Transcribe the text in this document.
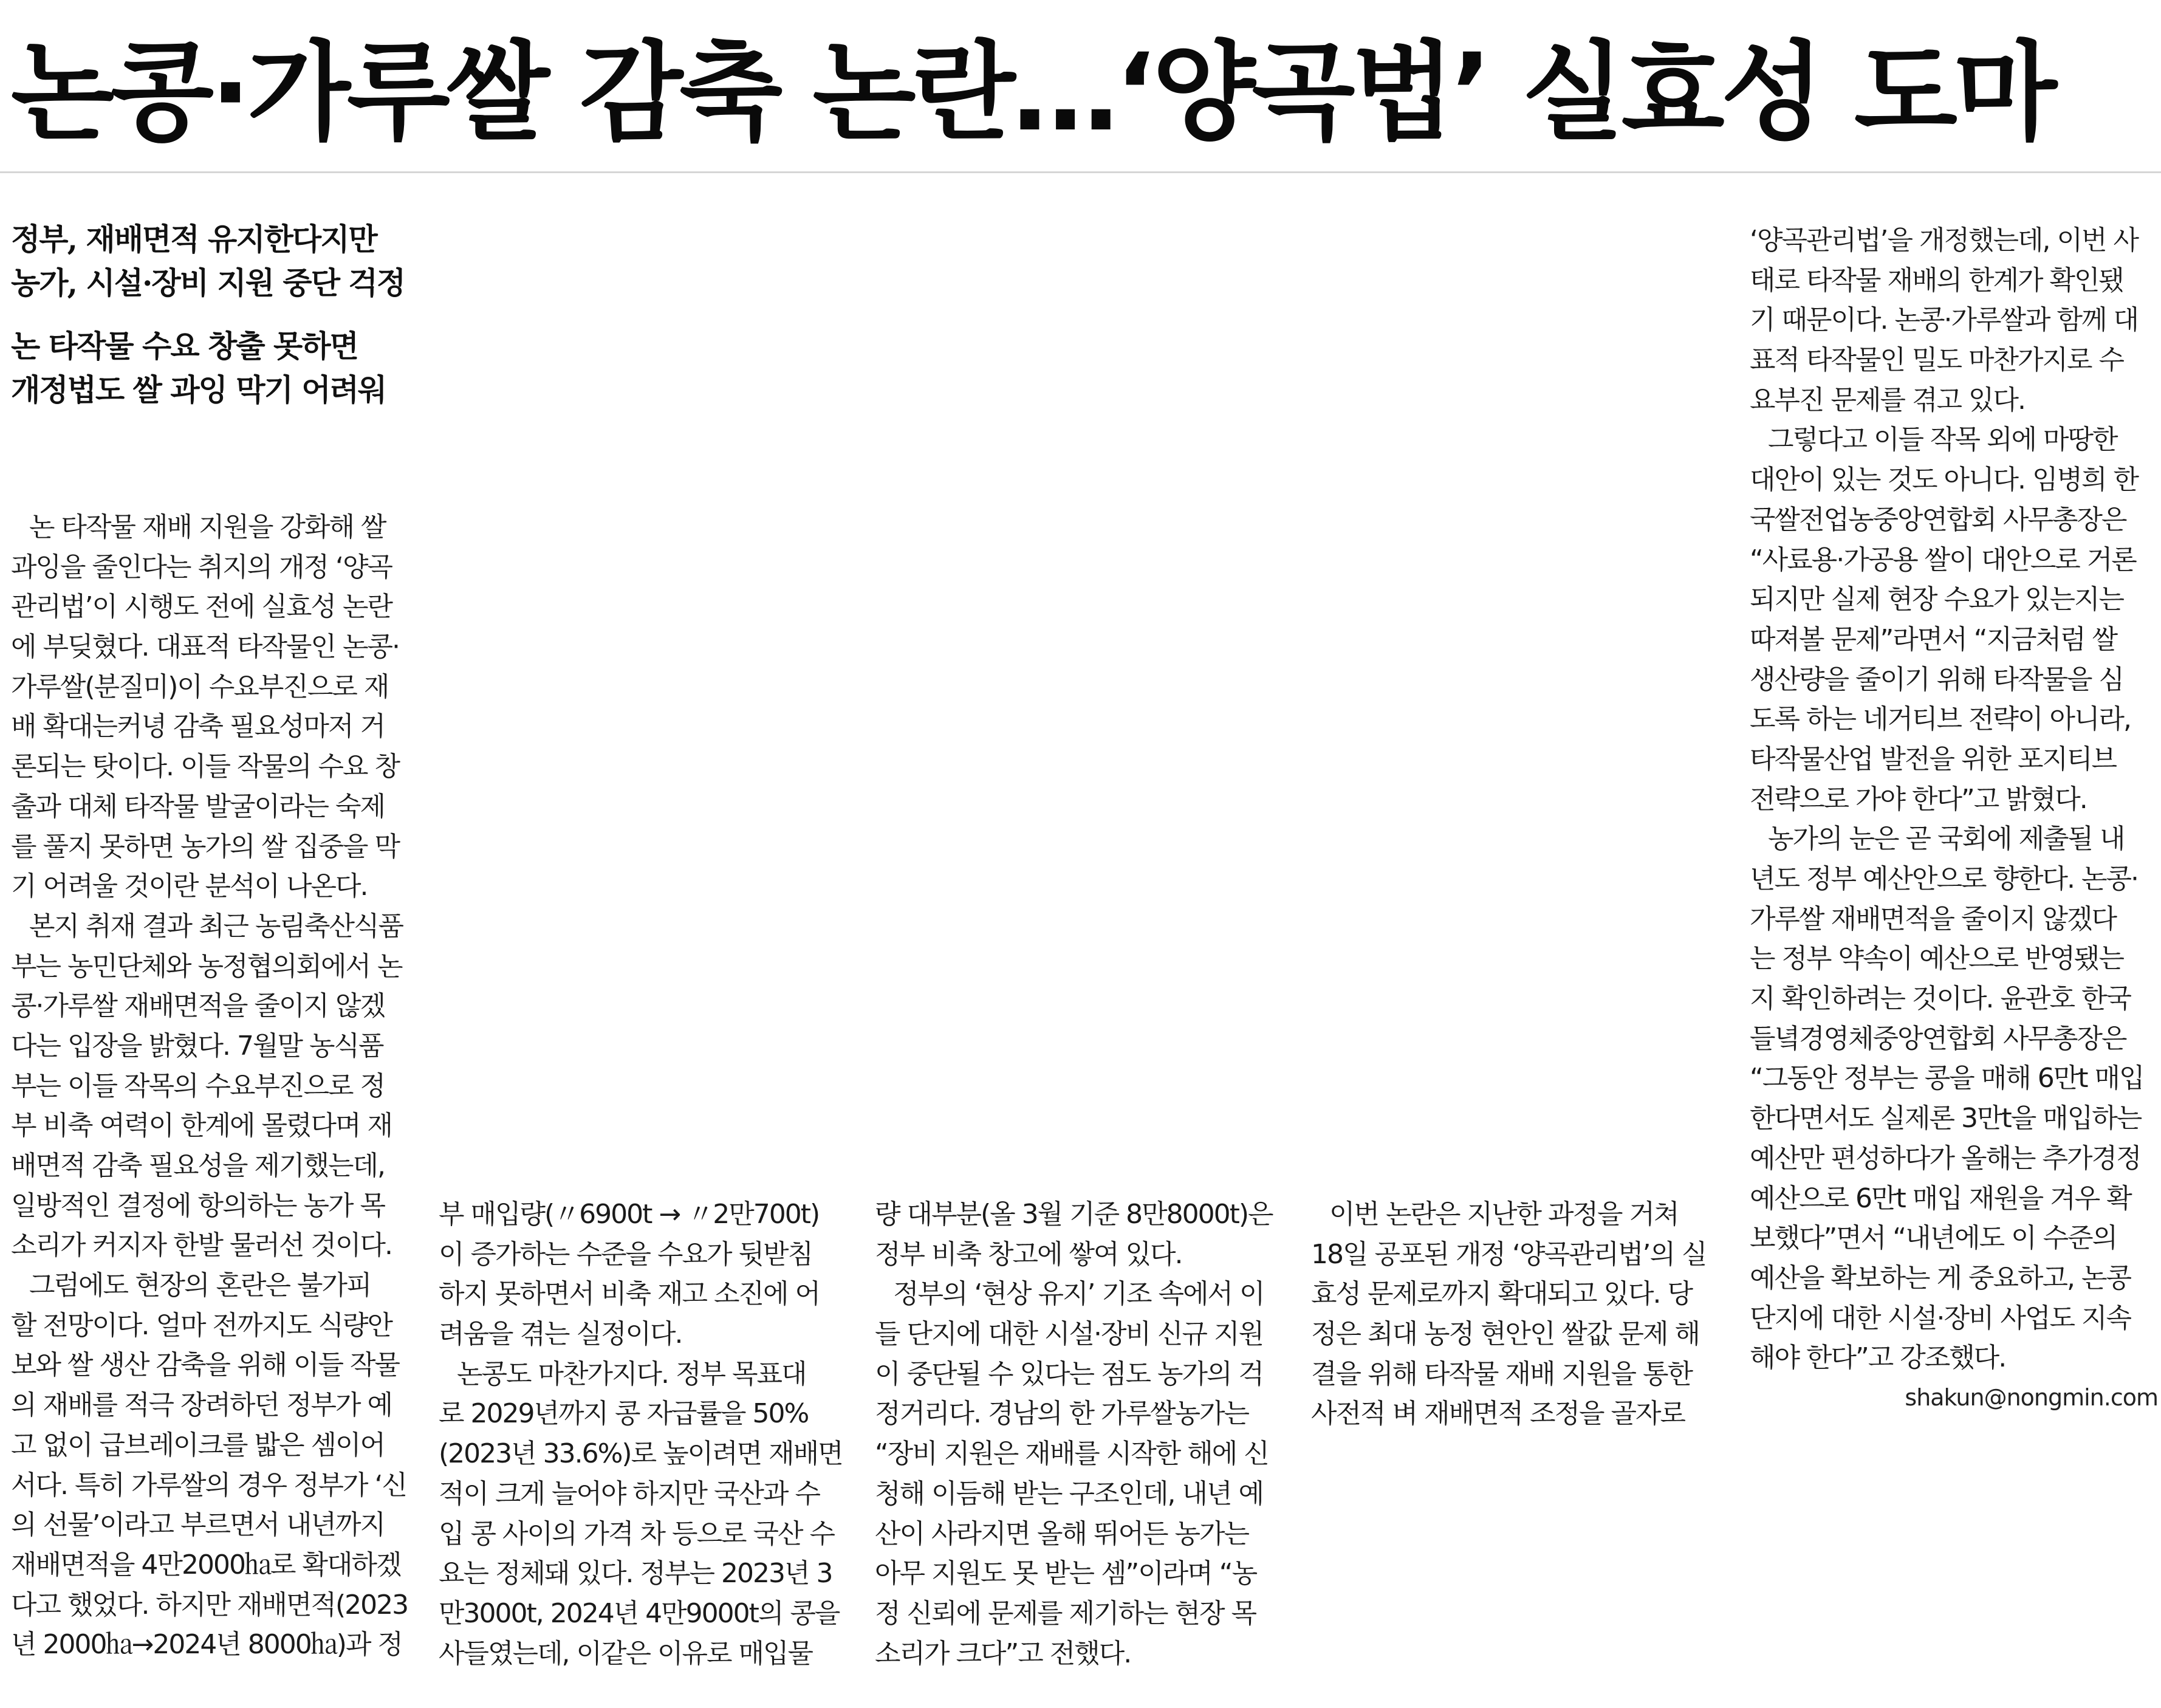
논콩·가루쌀 감축 논란…‘양곡법’ 실효성 도마
정부, 재배면적 유지한다지만
농가, 시설·장비 지원 중단 걱정
논 타작물 수요 창출 못하면
개정법도 쌀 과잉 막기 어려워

논 타작물 재배 지원을 강화해 쌀
과잉을 줄인다는 취지의 개정 ‘양곡
관리법’이 시행도 전에 실효성 논란
에 부딪혔다. 대표적 타작물인 논콩·
가루쌀(분질미)이 수요부진으로 재
배 확대는커녕 감축 필요성마저 거
론되는 탓이다. 이들 작물의 수요 창
출과 대체 타작물 발굴이라는 숙제
를 풀지 못하면 농가의 쌀 집중을 막
기 어려울 것이란 분석이 나온다.

본지 취재 결과 최근 농림축산식품
부는 농민단체와 농정협의회에서 논
콩·가루쌀 재배면적을 줄이지 않겠
다는 입장을 밝혔다. 7월말 농식품
부는 이들 작목의 수요부진으로 정
부 비축 여력이 한계에 몰렸다며 재
배면적 감축 필요성을 제기했는데,
일방적인 결정에 항의하는 농가 목
소리가 커지자 한발 물러선 것이다.

그럼에도 현장의 혼란은 불가피
할 전망이다. 얼마 전까지도 식량안
보와 쌀 생산 감축을 위해 이들 작물
의 재배를 적극 장려하던 정부가 예
고 없이 급브레이크를 밟은 셈이어
서다. 특히 가루쌀의 경우 정부가 ‘신
의 선물’이라고 부르면서 내년까지
재배면적을 4만2000㏊로 확대하겠
다고 했었다. 하지만 재배면적(2023
년 2000㏊→2024년 8000㏊)과 정

부 매입량(〃6900t → 〃2만700t)
이 증가하는 수준을 수요가 뒷받침
하지 못하면서 비축 재고 소진에 어
려움을 겪는 실정이다.

논콩도 마찬가지다. 정부 목표대
로 2029년까지 콩 자급률을 50%
(2023년 33.6%)로 높이려면 재배면
적이 크게 늘어야 하지만 국산과 수
입 콩 사이의 가격 차 등으로 국산 수
요는 정체돼 있다. 정부는 2023년 3
만3000t, 2024년 4만9000t의 콩을
사들였는데, 이같은 이유로 매입물

량 대부분(올 3월 기준 8만8000t)은
정부 비축 창고에 쌓여 있다.

정부의 ‘현상 유지’ 기조 속에서 이
들 단지에 대한 시설·장비 신규 지원
이 중단될 수 있다는 점도 농가의 걱
정거리다. 경남의 한 가루쌀농가는
“장비 지원은 재배를 시작한 해에 신
청해 이듬해 받는 구조인데, 내년 예
산이 사라지면 올해 뛰어든 농가는
아무 지원도 못 받는 셈”이라며 “농
정 신뢰에 문제를 제기하는 현장 목
소리가 크다”고 전했다.

이번 논란은 지난한 과정을 거쳐
18일 공포된 개정 ‘양곡관리법’의 실
효성 문제로까지 확대되고 있다. 당
정은 최대 농정 현안인 쌀값 문제 해
결을 위해 타작물 재배 지원을 통한
사전적 벼 재배면적 조정을 골자로

‘양곡관리법’을 개정했는데, 이번 사
태로 타작물 재배의 한계가 확인됐
기 때문이다. 논콩·가루쌀과 함께 대
표적 타작물인 밀도 마찬가지로 수
요부진 문제를 겪고 있다.

그렇다고 이들 작목 외에 마땅한
대안이 있는 것도 아니다. 임병희 한
국쌀전업농중앙연합회 사무총장은
“사료용·가공용 쌀이 대안으로 거론
되지만 실제 현장 수요가 있는지는
따져볼 문제”라면서 “지금처럼 쌀
생산량을 줄이기 위해 타작물을 심
도록 하는 네거티브 전략이 아니라,
타작물산업 발전을 위한 포지티브
전략으로 가야 한다”고 밝혔다.

농가의 눈은 곧 국회에 제출될 내
년도 정부 예산안으로 향한다. 논콩·
가루쌀 재배면적을 줄이지 않겠다
는 정부 약속이 예산으로 반영됐는
지 확인하려는 것이다. 윤관호 한국
들녘경영체중앙연합회 사무총장은
“그동안 정부는 콩을 매해 6만t 매입
한다면서도 실제론 3만t을 매입하는
예산만 편성하다가 올해는 추가경정
예산으로 6만t 매입 재원을 겨우 확
보했다”면서 “내년에도 이 수준의
예산을 확보하는 게 중요하고, 논콩
단지에 대한 시설·장비 사업도 지속
해야 한다”고 강조했다.

shakun@nongmin.com
